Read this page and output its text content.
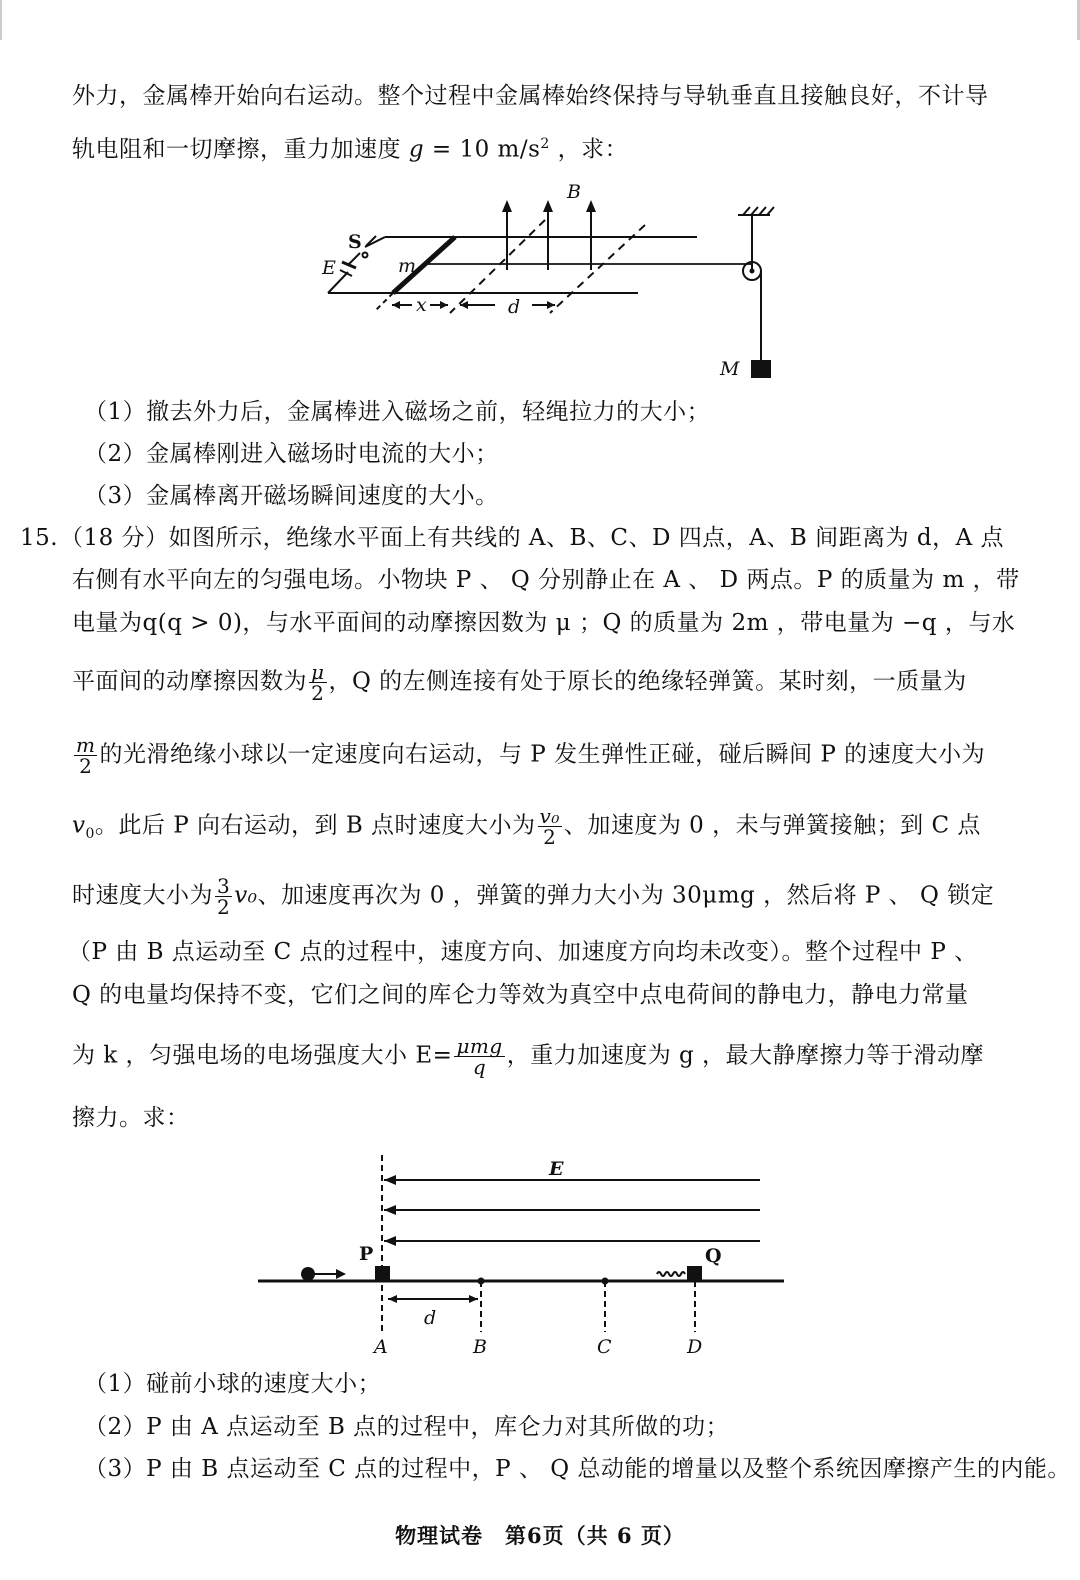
外力，金属棒开始向右运动。整个过程中金属棒始终保持与导轨垂直且接触良好，不计导
轨电阻和一切摩擦，重力加速度 g = 10 $m/s^2$ ，求：
B
S
E	m
x	d
M
（1）撤去外力后，金属棒进入磁场之前，轻绳拉力的大小；
（2）金属棒刚进入磁场时电流的大小；
（3）金属棒离开磁场瞬间速度的大小。
15. （18 分）如图所示，绝缘水平面上有共线的 A、B、C、D 四点，A、B 间距离为 d，A 点
右侧有水平向左的匀强电场。小物块 P 、 Q 分别静止在 A 、 D 两点。P 的质量为 m ，带
电量为q(q > 0)，与水平面间的动摩擦因数为 μ ；Q 的质量为 2m ，带电量为 −q ，与水
平面间的动摩擦因数为 $\frac{\mu}{2}$ ，Q 的左侧连接有处于原长的绝缘轻弹簧。某时刻，一质量为
$\frac{m}{2}$ 的光滑绝缘小球以一定速度向右运动，与 P 发生弹性正碰，碰后瞬间 P 的速度大小为
$v_0$。此后 P 向右运动，到 B 点时速度大小为 $\frac{\text{v₀}}{2}$ 、加速度为 0 ，未与弹簧接触；到 C 点
时速度大小为 $\frac{3}{2} v_0$、加速度再次为 0 ，弹簧的弹力大小为 30μmg ，然后将 P 、 Q 锁定
（P 由 B 点运动至 C 点的过程中，速度方向、加速度方向均未改变）。整个过程中 P 、
Q 的电量均保持不变，它们之间的库仑力等效为真空中点电荷间的静电力，静电力常量
为 k ，匀强电场的电场强度大小 $E= \frac{\text{μmg}}{q}$ ，重力加速度为 g ，最大静摩擦力等于滑动摩
擦力。求：
E
P	Q
d
A	B	C	D
（1）碰前小球的速度大小；
（2）P 由 A 点运动至 B 点的过程中，库仑力对其所做的功；
（3）P 由 B 点运动至 C 点的过程中，P 、 Q 总动能的增量以及整个系统因摩擦产生的内能。
物理试卷　第6页（共 6 页）
